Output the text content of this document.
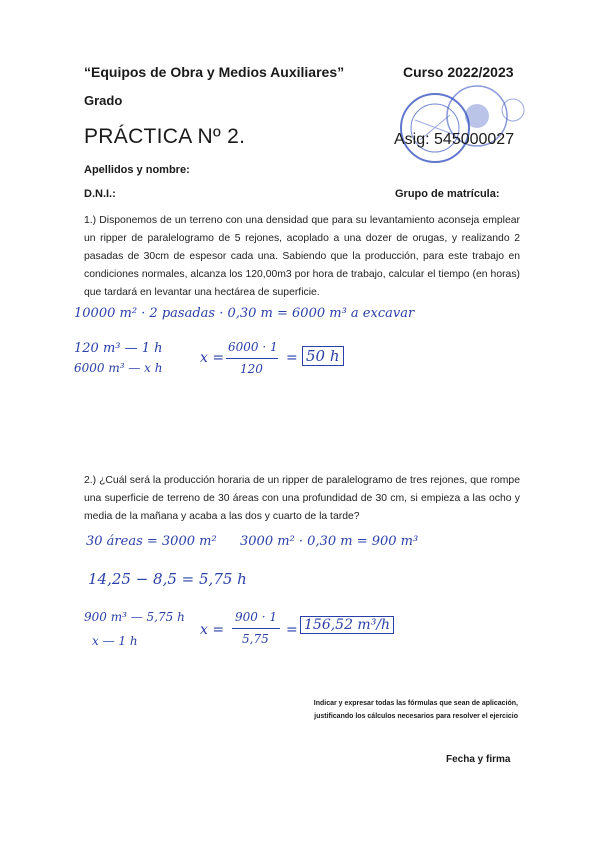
“Equipos de Obra y Medios Auxiliares”	Curso 2022/2023
Grado
PRÁCTICA Nº 2.	Asig: 545000027
Apellidos y nombre:
D.N.I.:	Grupo de matrícula:
1.) Disponemos de un terreno con una densidad que para su levantamiento aconseja emplear un ripper de paralelogramo de 5 rejones, acoplado a una dozer de orugas, y realizando 2 pasadas de 30cm de espesor cada una. Sabiendo que la producción, para este trabajo en condiciones normales, alcanza los 120,00m3 por hora de trabajo, calcular el tiempo (en horas) que tardará en levantar una hectárea de superficie.
10000 m² · 2 pasadas · 0,30 m = 6000 m³ a excavar
120 m³ — 1 h
6000 m³ — x h
x =
6000 · 1
120
= 50 h
2.) ¿Cuál será la producción horaria de un ripper de paralelogramo de tres rejones, que rompe una superficie de terreno de 30 áreas con una profundidad de 30 cm, si empieza a las ocho y media de la mañana y acaba a las dos y cuarto de la tarde?
30 áreas = 3000 m² 3000 m² · 0,30 m = 900 m³
14,25 − 8,5 = 5,75 h
900 m³ — 5,75 h
x — 1 h
x =
900 · 1
5,75
= 156,52 m³/h
Indicar y expresar todas las fórmulas que sean de aplicación,
justificando los cálculos necesarios para resolver el ejercicio
Fecha y firma
